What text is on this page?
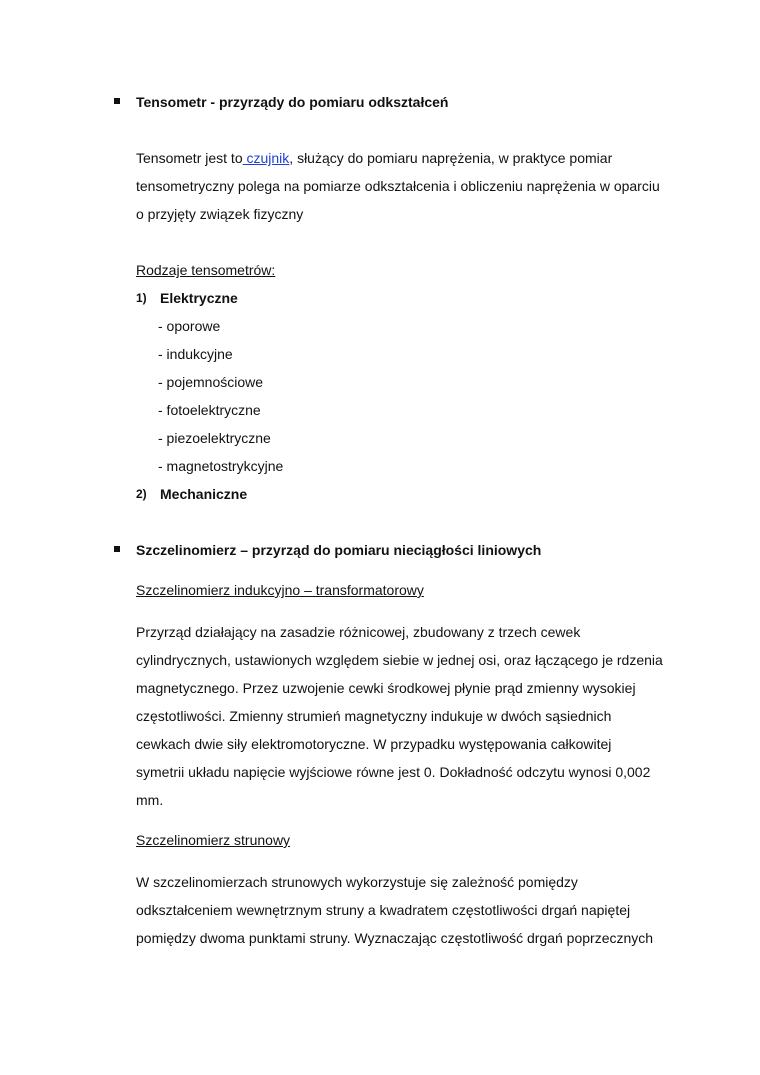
Tensometr - przyrządy do pomiaru odkształceń
Tensometr jest to czujnik, służący do pomiaru naprężenia, w praktyce pomiar
tensometryczny polega na pomiarze odkształcenia i obliczeniu naprężenia w oparciu
o przyjęty związek fizyczny
Rodzaje tensometrów:
1) Elektryczne
- oporowe
- indukcyjne
- pojemnościowe
- fotoelektryczne
- piezoelektryczne
- magnetostrykcyjne
2) Mechaniczne
Szczelinomierz – przyrząd do pomiaru nieciągłości liniowych
Szczelinomierz indukcyjno – transformatorowy
Przyrząd działający na zasadzie różnicowej, zbudowany z trzech cewek
cylindrycznych, ustawionych względem siebie w jednej osi, oraz łączącego je rdzenia
magnetycznego. Przez uzwojenie cewki środkowej płynie prąd zmienny wysokiej
częstotliwości. Zmienny strumień magnetyczny indukuje w dwóch sąsiednich
cewkach dwie siły elektromotoryczne. W przypadku występowania całkowitej
symetrii układu napięcie wyjściowe równe jest 0. Dokładność odczytu wynosi 0,002
mm.
Szczelinomierz strunowy
W szczelinomierzach strunowych wykorzystuje się zależność pomiędzy
odkształceniem wewnętrznym struny a kwadratem częstotliwości drgań napiętej
pomiędzy dwoma punktami struny. Wyznaczając częstotliwość drgań poprzecznych
